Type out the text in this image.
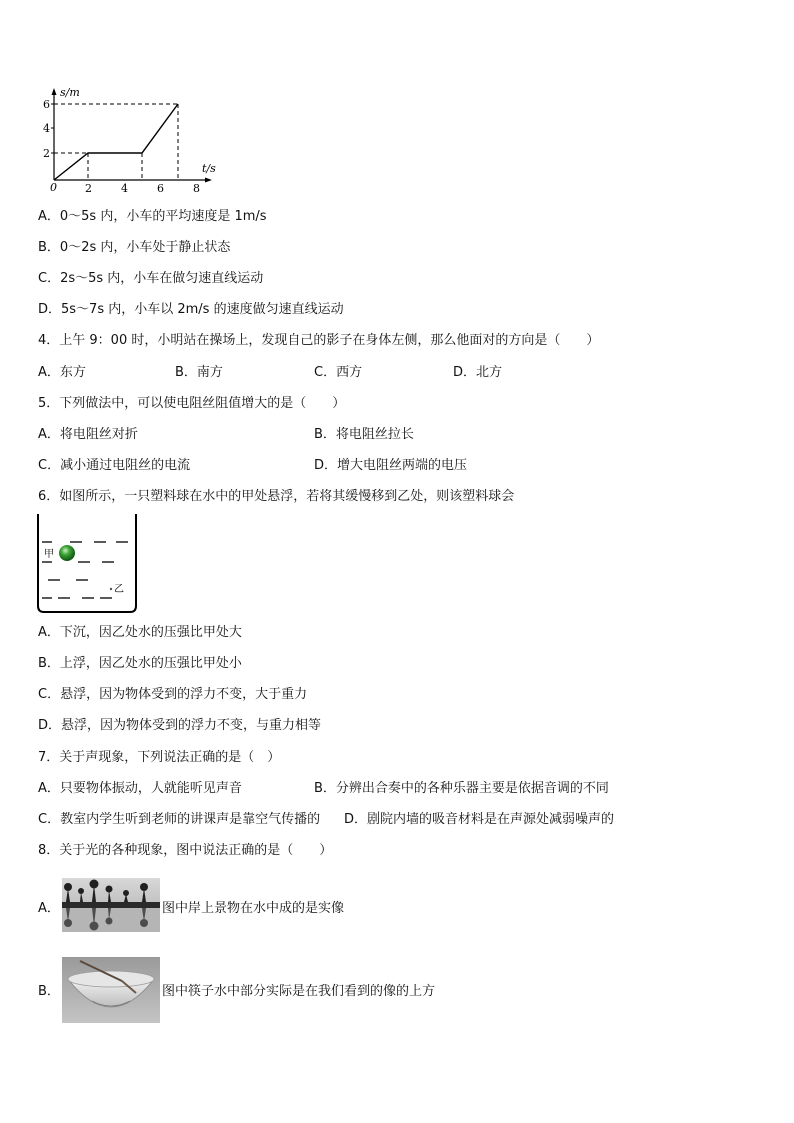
s/m
t/s
2
4
6
0	2	4	6	8
A．0～5s 内，小车的平均速度是 1m/s
B．0～2s 内，小车处于静止状态
C．2s～5s 内，小车在做匀速直线运动
D．5s～7s 内，小车以 2m/s 的速度做匀速直线运动
4．上午 9：00 时，小明站在操场上，发现自己的影子在身体左侧，那么他面对的方向是（　　）
A．东方	B．南方	C．西方	D．北方
5．下列做法中，可以使电阻丝阻值增大的是（　　）
A．将电阻丝对折	B．将电阻丝拉长
C．减小通过电阻丝的电流	D．增大电阻丝两端的电压
6．如图所示，一只塑料球在水中的甲处悬浮，若将其缓慢移到乙处，则该塑料球会
甲
乙
A．下沉，因乙处水的压强比甲处大
B．上浮，因乙处水的压强比甲处小
C．悬浮，因为物体受到的浮力不变，大于重力
D．悬浮，因为物体受到的浮力不变，与重力相等
7．关于声现象，下列说法正确的是（　）
A．只要物体振动，人就能听见声音	B．分辨出合奏中的各种乐器主要是依据音调的不同
C．教室内学生听到老师的讲课声是靠空气传播的 D．剧院内墙的吸音材料是在声源处减弱噪声的
8．关于光的各种现象，图中说法正确的是（　　）
A．	图中岸上景物在水中成的是实像
B．	图中筷子水中部分实际是在我们看到的像的上方
